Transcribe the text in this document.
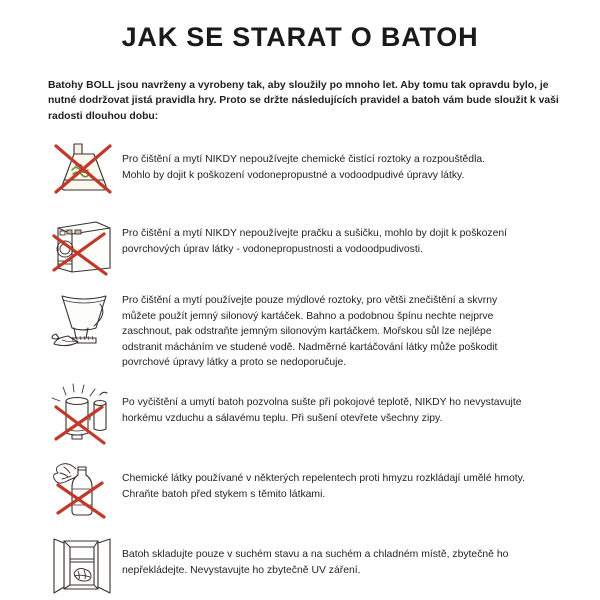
JAK SE STARAT O BATOH
Batohy BOLL jsou navrženy a vyrobeny tak, aby sloužily po mnoho let. Aby tomu tak opravdu bylo, je nutné dodržovat jistá pravidla hry. Proto se držte následujících pravidel a batoh vám bude sloužit k vaši radosti dlouhou dobu:

Pro čištění a mytí NIKDY nepoužívejte chemické čistící roztoky a rozpouštědla.

Mohlo by dojit k poškození vodonepropustné a vodoodpudivé úpravy látky.

Pro čištění a mytí NIKDY nepoužívejte pračku a sušičku, mohlo by dojit k poškození

povrchových úprav látky - vodonepropustnosti a vodoodpudivosti.

Pro čištění a mytí používejte pouze mýdlové roztoky, pro větši znečištění a skvrny

můžete použít jemný silonový kartáček. Bahno a podobnou špínu nechte nejprve

zaschnout, pak odstraňte jemným silonovým kartáčkem. Mořskou sůl lze nejlépe

odstranit mácháním ve studené vodě. Nadměrné kartáčování látky může poškodit

povrchové úpravy látky a proto se nedoporučuje.

Po vyčištění a umytí batoh pozvolna sušte při pokojové teplotě, NIKDY ho nevystavujte

horkému vzduchu a sálavému teplu. Při sušení otevřete všechny zipy.

Chemické látky používané v některých repelentech proti hmyzu rozkládají umělé hmoty.

Chraňte batoh před stykem s těmito látkami.

Batoh skladujte pouze v suchém stavu a na suchém a chladném místě, zbytečně ho

nepřekládejte. Nevystavujte ho zbytečně UV záření.
